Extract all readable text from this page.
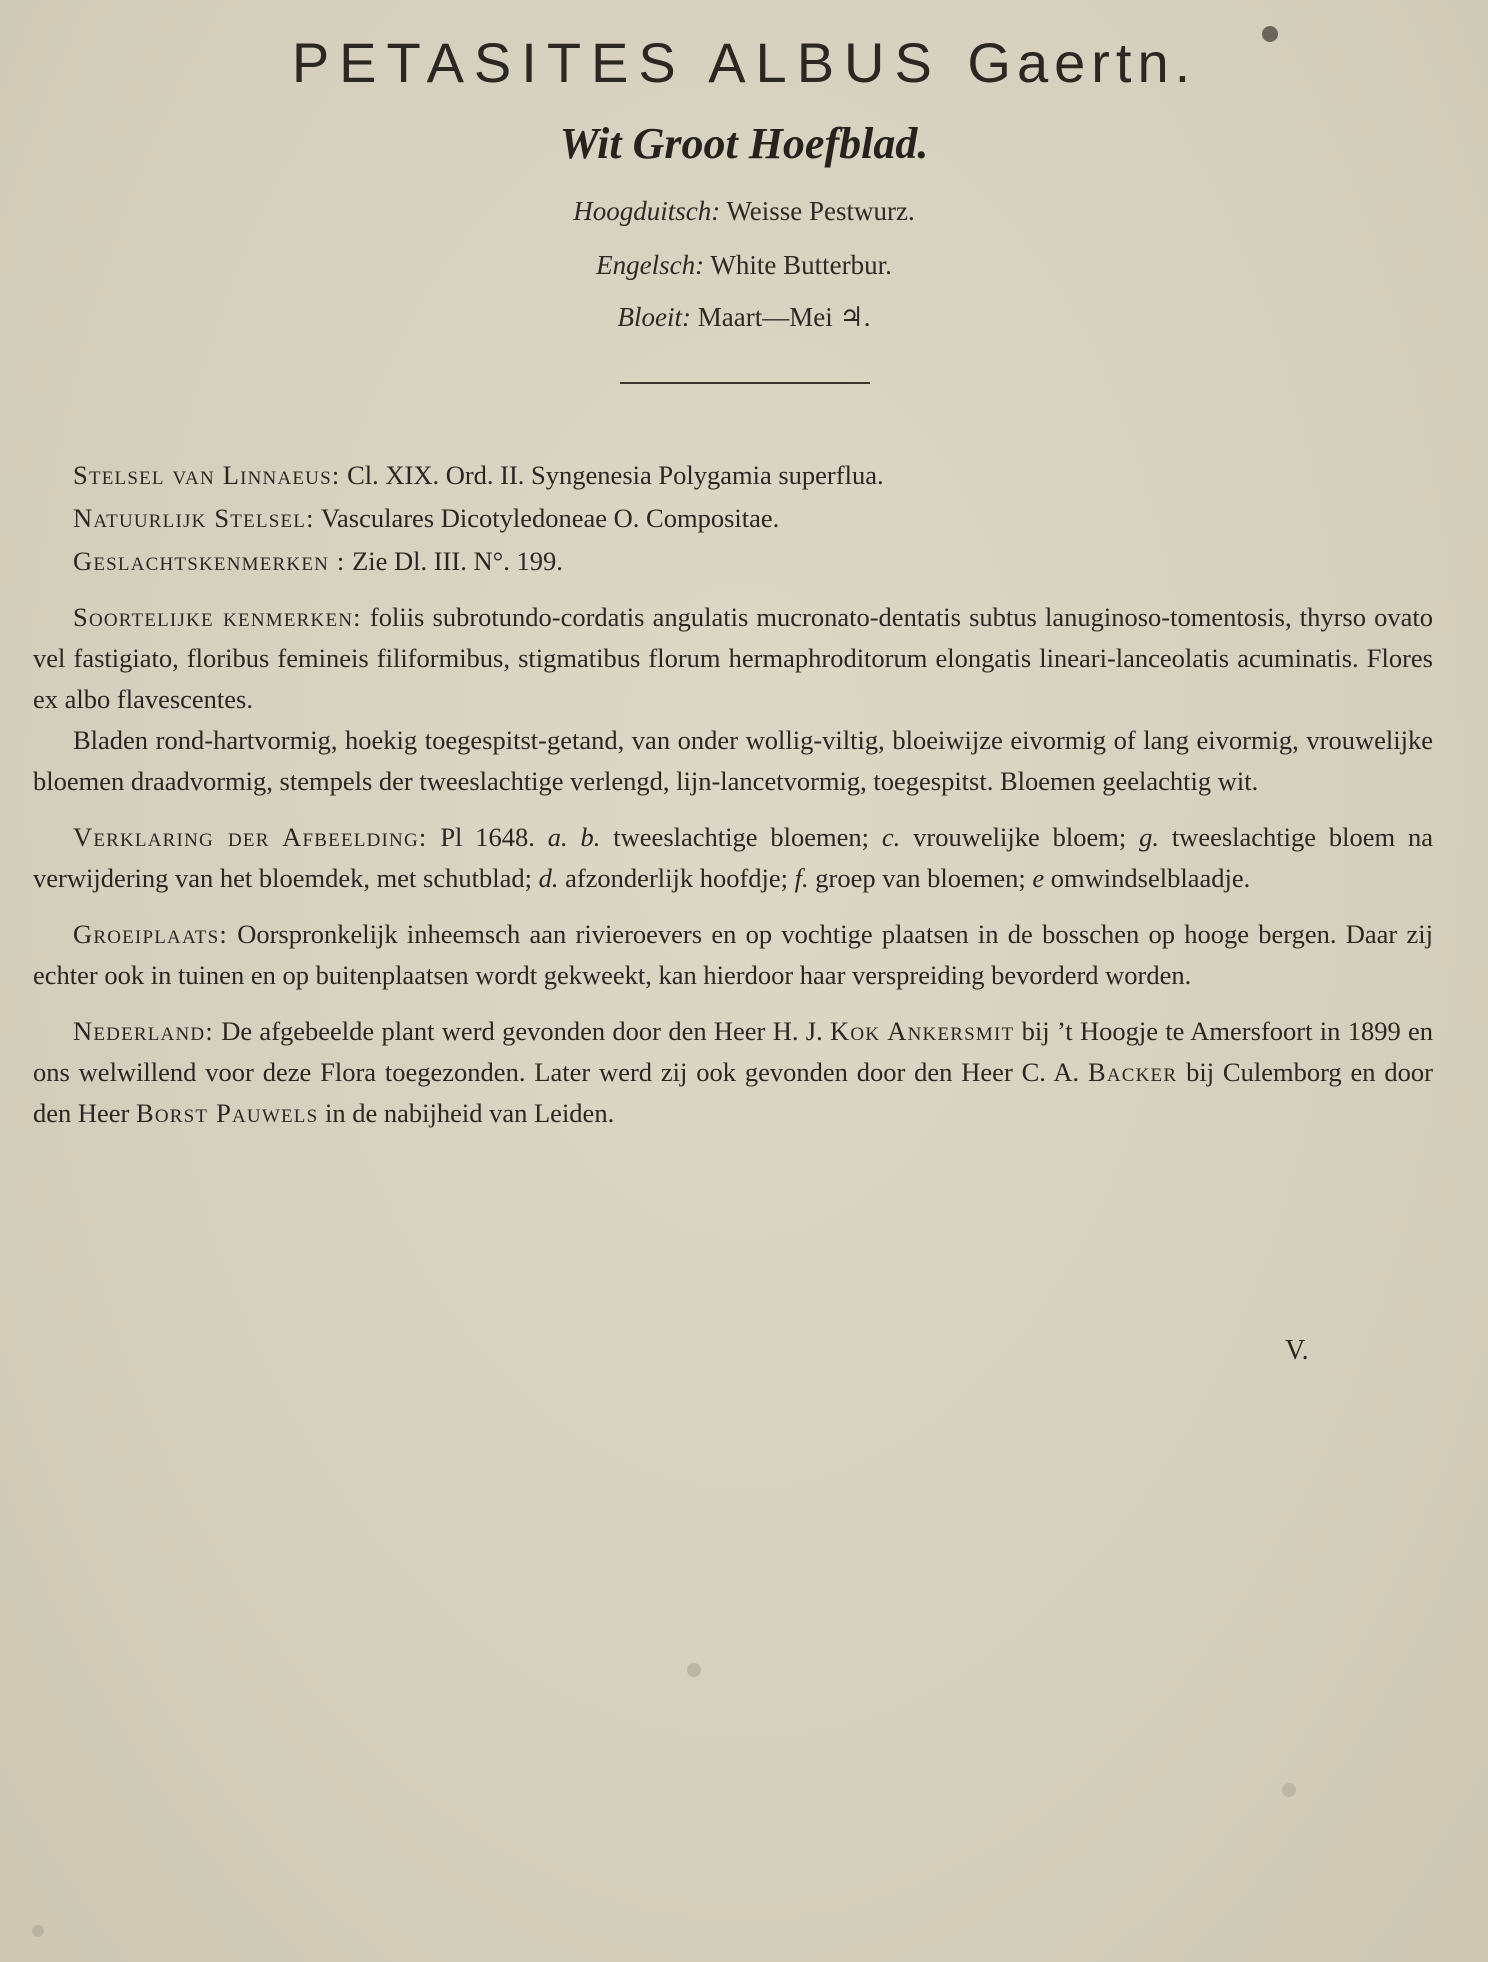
PETASITES ALBUS Gaertn.
Wit Groot Hoefblad.
Hoogduitsch: Weisse Pestwurz.
Engelsch: White Butterbur.
Bloeit: Maart—Mei ♃.

Stelsel van Linnaeus: Cl. XIX. Ord. II. Syngenesia Polygamia superflua.

Natuurlijk Stelsel: Vasculares Dicotyledoneae O. Compositae.

Geslachtskenmerken : Zie Dl. III. N°. 199.

Soortelijke kenmerken: foliis subrotundo-cordatis angulatis mucronato-dentatis subtus lanuginoso-tomentosis, thyrso ovato vel fastigiato, floribus femineis filiformibus, stigmatibus florum hermaphroditorum elongatis lineari-lanceolatis acuminatis. Flores ex albo flavescentes.

Bladen rond-hartvormig, hoekig toegespitst-getand, van onder wollig-viltig, bloeiwijze eivormig of lang eivormig, vrouwelijke bloemen draadvormig, stempels der tweeslachtige verlengd, lijn-lancetvormig, toegespitst. Bloemen geelachtig wit.

Verklaring der Afbeelding: Pl 1648. a. b. tweeslachtige bloemen; c. vrouwelijke bloem; g. tweeslachtige bloem na verwijdering van het bloemdek, met schutblad; d. afzonderlijk hoofdje; f. groep van bloemen; e omwindselblaadje.

Groeiplaats: Oorspronkelijk inheemsch aan rivieroevers en op vochtige plaatsen in de bosschen op hooge bergen. Daar zij echter ook in tuinen en op buitenplaatsen wordt gekweekt, kan hierdoor haar verspreiding bevorderd worden.

Nederland: De afgebeelde plant werd gevonden door den Heer H. J. Kok Ankersmit bij ’t Hoogje te Amersfoort in 1899 en ons welwillend voor deze Flora toegezonden. Later werd zij ook gevonden door den Heer C. A. Backer bij Culemborg en door den Heer Borst Pauwels in de nabijheid van Leiden.

V.
